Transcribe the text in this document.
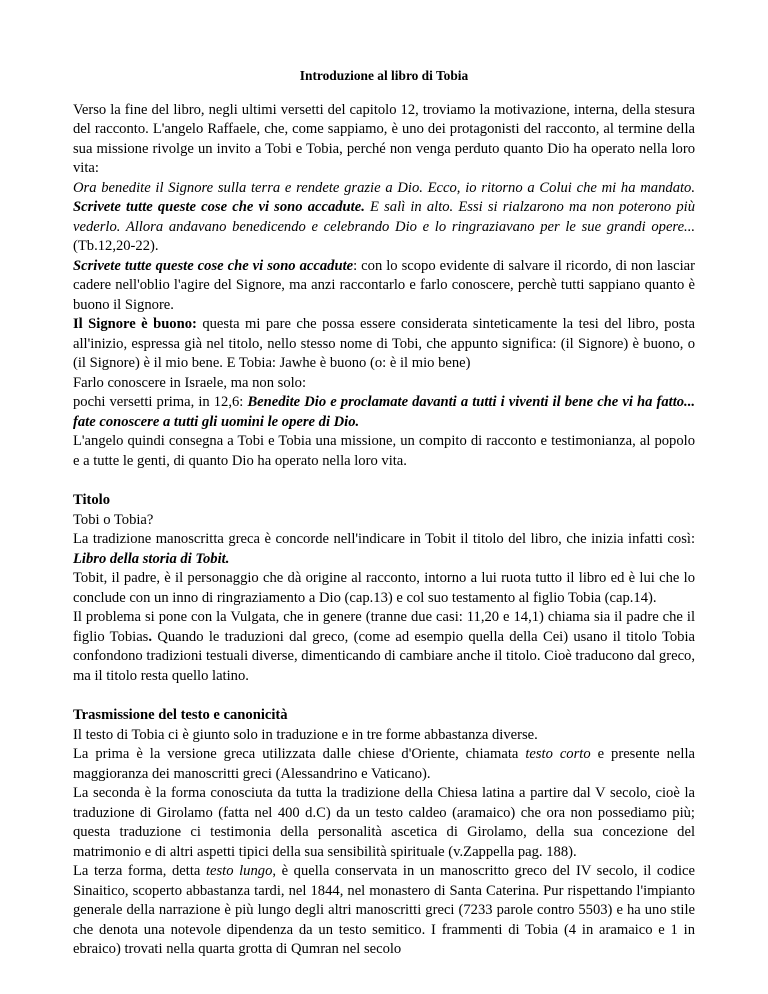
Introduzione al libro di Tobia

Verso la fine del libro, negli ultimi versetti del capitolo 12, troviamo la motivazione, interna, della stesura del racconto. L'angelo Raffaele, che, come sappiamo, è uno dei protagonisti del racconto, al termine della sua missione rivolge un invito a Tobi e Tobia, perché non venga perduto quanto Dio ha operato nella loro vita:

Ora benedite il Signore sulla terra e rendete grazie a Dio. Ecco, io ritorno a Colui che mi ha mandato. Scrivete tutte queste cose che vi sono accadute. E salì in alto. Essi si rialzarono ma non poterono più vederlo. Allora andavano benedicendo e celebrando Dio e lo ringraziavano per le sue grandi opere... (Tb.12,20-22).

Scrivete tutte queste cose che vi sono accadute: con lo scopo evidente di salvare il ricordo, di non lasciar cadere nell'oblio l'agire del Signore, ma anzi raccontarlo e farlo conoscere, perchè tutti sappiano quanto è buono il Signore.

Il Signore è buono: questa mi pare che possa essere considerata sinteticamente la tesi del libro, posta all'inizio, espressa già nel titolo, nello stesso nome di Tobi, che appunto significa: (il Signore) è buono, o (il Signore) è il mio bene. E Tobia: Jawhe è buono (o: è il mio bene)

Farlo conoscere in Israele, ma non solo:

pochi versetti prima, in 12,6: Benedite Dio e proclamate davanti a tutti i viventi il bene che vi ha fatto... fate conoscere a tutti gli uomini le opere di Dio.

L'angelo quindi consegna a Tobi e Tobia una missione, un compito di racconto e testimonianza, al popolo e a tutte le genti, di quanto Dio ha operato nella loro vita.

Titolo

Tobi o Tobia?

La tradizione manoscritta greca è concorde nell'indicare in Tobit il titolo del libro, che inizia infatti così: Libro della storia di Tobit.

Tobit, il padre, è il personaggio che dà origine al racconto, intorno a lui ruota tutto il libro ed è lui che lo conclude con un inno di ringraziamento a Dio (cap.13) e col suo testamento al figlio Tobia (cap.14).

Il problema si pone con la Vulgata, che in genere (tranne due casi: 11,20 e 14,1) chiama sia il padre che il figlio Tobias. Quando le traduzioni dal greco, (come ad esempio quella della Cei) usano il titolo Tobia confondono tradizioni testuali diverse, dimenticando di cambiare anche il titolo. Cioè traducono dal greco, ma il titolo resta quello latino.

Trasmissione del testo e canonicità

Il testo di Tobia ci è giunto solo in traduzione e in tre forme abbastanza diverse.

La prima è la versione greca utilizzata dalle chiese d'Oriente, chiamata testo corto e presente nella maggioranza dei manoscritti greci (Alessandrino e Vaticano).

La seconda è la forma conosciuta da tutta la tradizione della Chiesa latina a partire dal V secolo, cioè la traduzione di Girolamo (fatta nel 400 d.C) da un testo caldeo (aramaico) che ora non possediamo più; questa traduzione ci testimonia della personalità ascetica di Girolamo, della sua concezione del matrimonio e di altri aspetti tipici della sua sensibilità spirituale (v.Zappella pag. 188).

La terza forma, detta testo lungo, è quella conservata in un manoscritto greco del IV secolo, il codice Sinaitico, scoperto abbastanza tardi, nel 1844, nel monastero di Santa Caterina. Pur rispettando l'impianto generale della narrazione è più lungo degli altri manoscritti greci (7233 parole contro 5503) e ha uno stile che denota una notevole dipendenza da un testo semitico. I frammenti di Tobia (4 in aramaico e 1 in ebraico) trovati nella quarta grotta di Qumran nel secolo
